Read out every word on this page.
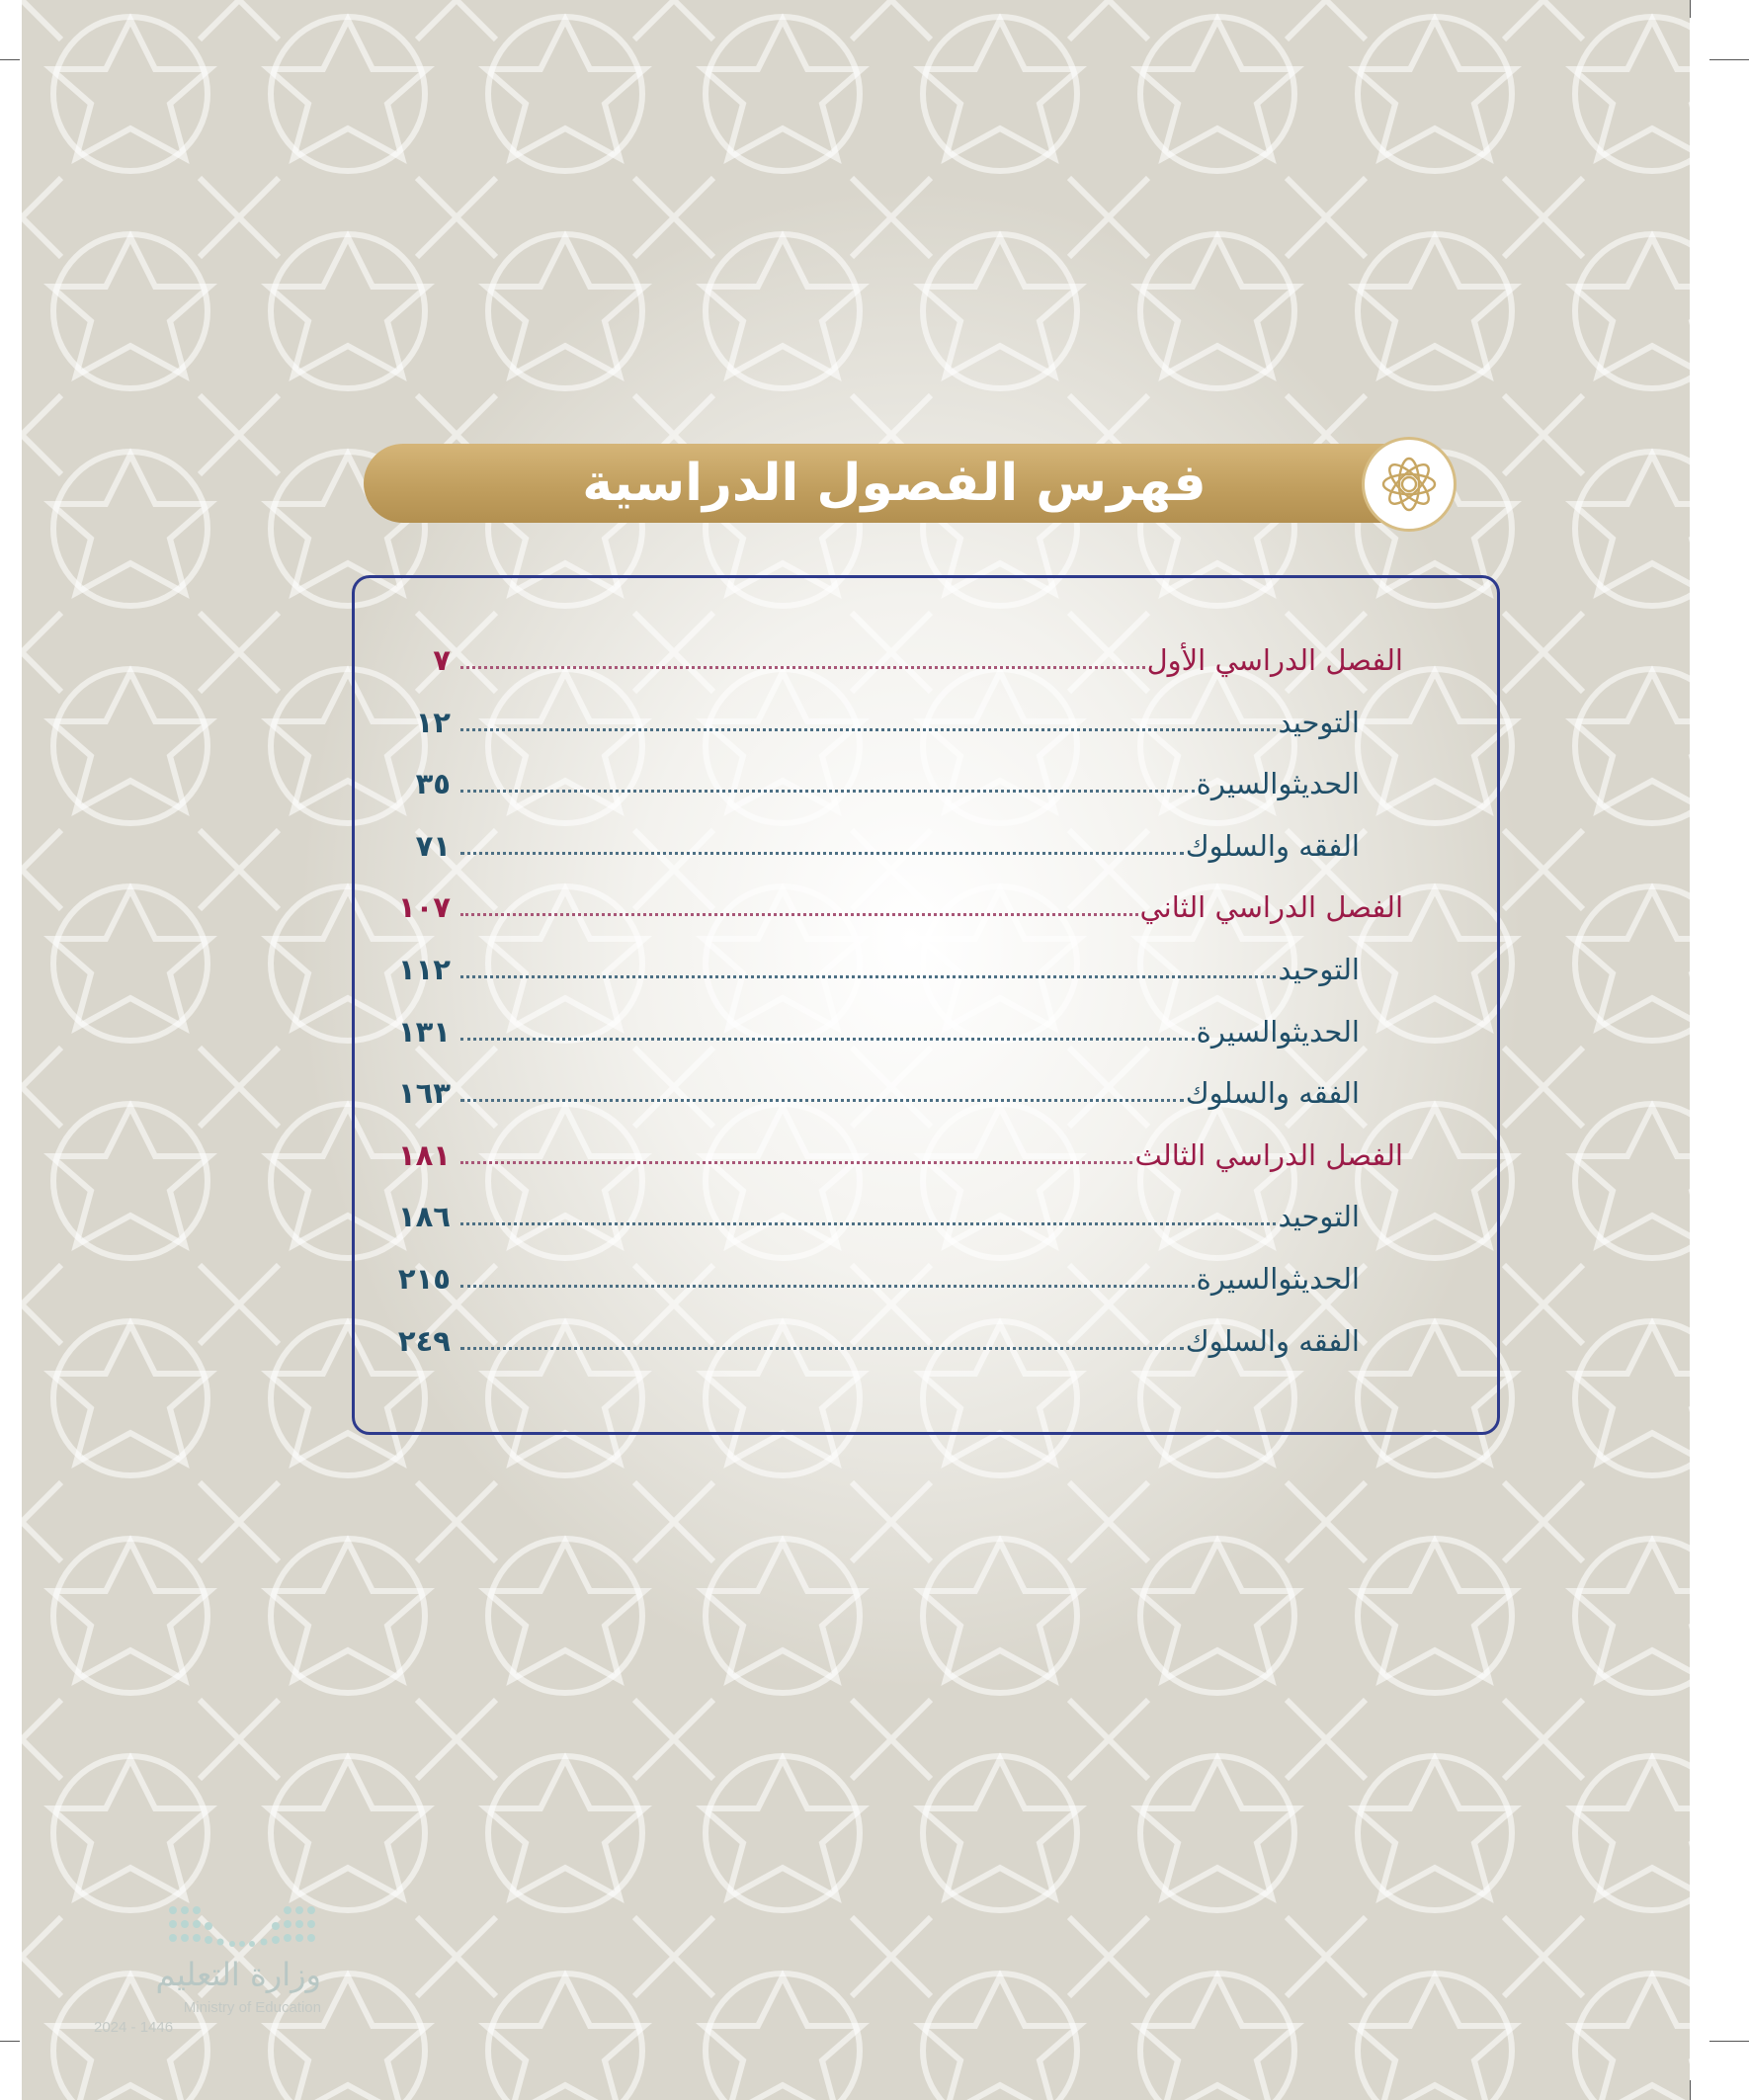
فهرس الفصول الدراسية
الفصل الدراسي الأول
٧
التوحيد
١٢
الحديثوالسيرة
٣٥
الفقه والسلوك
٧١
الفصل الدراسي الثاني
١٠٧
التوحيد
١١٢
الحديثوالسيرة
١٣١
الفقه والسلوك
١٦٣
الفصل الدراسي الثالث
١٨١
التوحيد
١٨٦
الحديثوالسيرة
٢١٥
الفقه والسلوك
٢٤٩
وزارة التعليم
Ministry of Education
2024 - 1446
